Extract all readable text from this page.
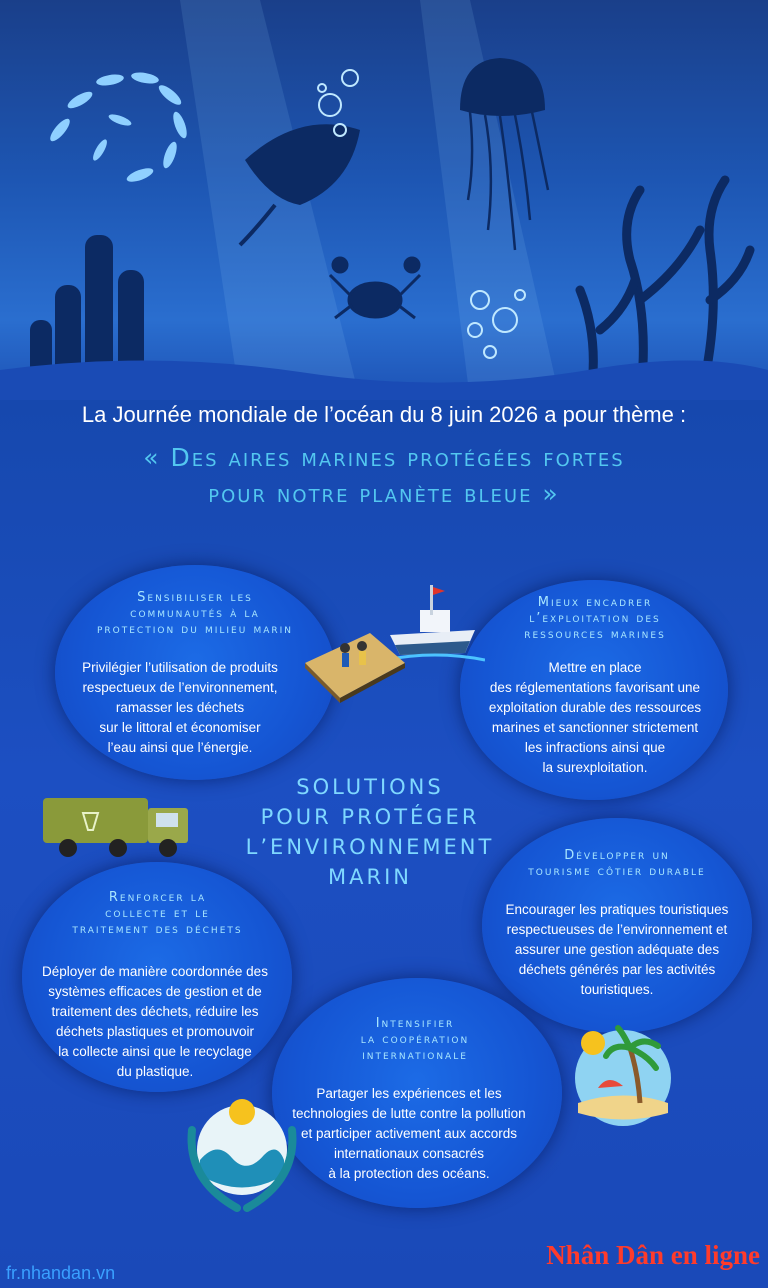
La Journée mondiale de l’océan du 8 juin 2026 a pour thème :
« Des aires marines protégées fortes
pour notre planète bleue »
Sensibiliser les
communautés à la
protection du milieu marin
Privilégier l’utilisation de produits
respectueux de l’environnement,
ramasser les déchets
sur le littoral et économiser
l’eau ainsi que l’énergie.
Mieux encadrer
l’exploitation des
ressources marines
Mettre en place
des réglementations favorisant une
exploitation durable des ressources
marines et sanctionner strictement
les infractions ainsi que
la surexploitation.
Développer un
tourisme côtier durable
Encourager les pratiques touristiques
respectueuses de l’environnement et
assurer une gestion adéquate des
déchets générés par les activités
touristiques.
Renforcer la
collecte et le
traitement des déchets
Déployer de manière coordonnée des
systèmes efficaces de gestion et de
traitement des déchets, réduire les
déchets plastiques et promouvoir
la collecte ainsi que le recyclage
du plastique.
Intensifier
la coopération
internationale
Partager les expériences et les
technologies de lutte contre la pollution
et participer activement aux accords
internationaux consacrés
à la protection des océans.
SOLUTIONS
POUR PROTÉGER
L’ENVIRONNEMENT
MARIN
fr.nhandan.vn
Nhân Dân en ligne
